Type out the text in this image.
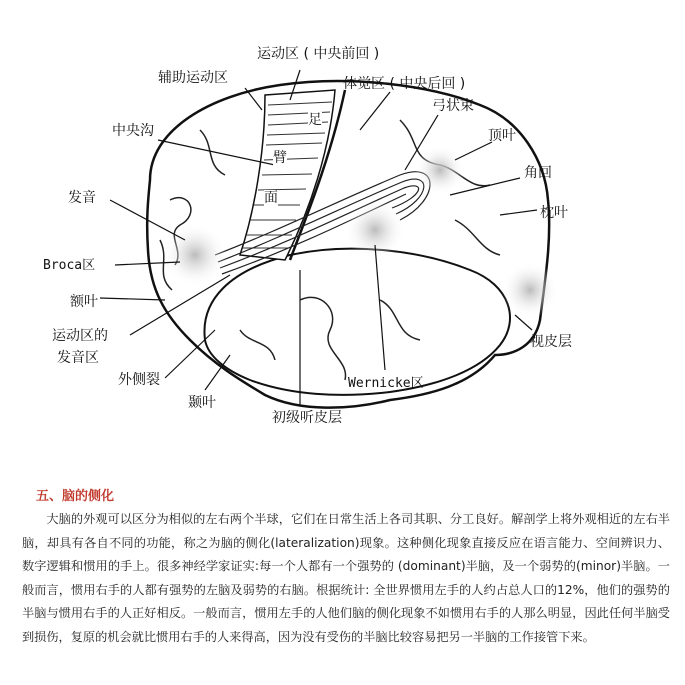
运动区 ( 中央前回 )
辅助运动区	体觉区 ( 中央后回 )
弓状束
中央沟
足
臂
面
顶叶
角回
发音
枕叶
Broca区
额叶
运动区的
发音区
外侧裂
视皮层
Wernicke区
颞叶
初级听皮层
五、脑的侧化

大脑的外观可以区分为相似的左右两个半球，它们在日常生活上各司其职、分工良好。解剖学上将外观相近的左右半脑，却具有各自不同的功能，称之为脑的侧化(lateralization)现象。这种侧化现象直接反应在语言能力、空间辨识力、数字逻辑和惯用的手上。很多神经学家证实:每一个人都有一个强势的 (dominant)半脑，及一个弱势的(minor)半脑。一般而言，惯用右手的人都有强势的左脑及弱势的右脑。根据统计: 全世界惯用左手的人约占总人口的12%，他们的强势的半脑与惯用右手的人正好相反。一般而言，惯用左手的人他们脑的侧化现象不如惯用右手的人那么明显，因此任何半脑受到损伤，复原的机会就比惯用右手的人来得高，因为没有受伤的半脑比较容易把另一半脑的工作接管下来。
